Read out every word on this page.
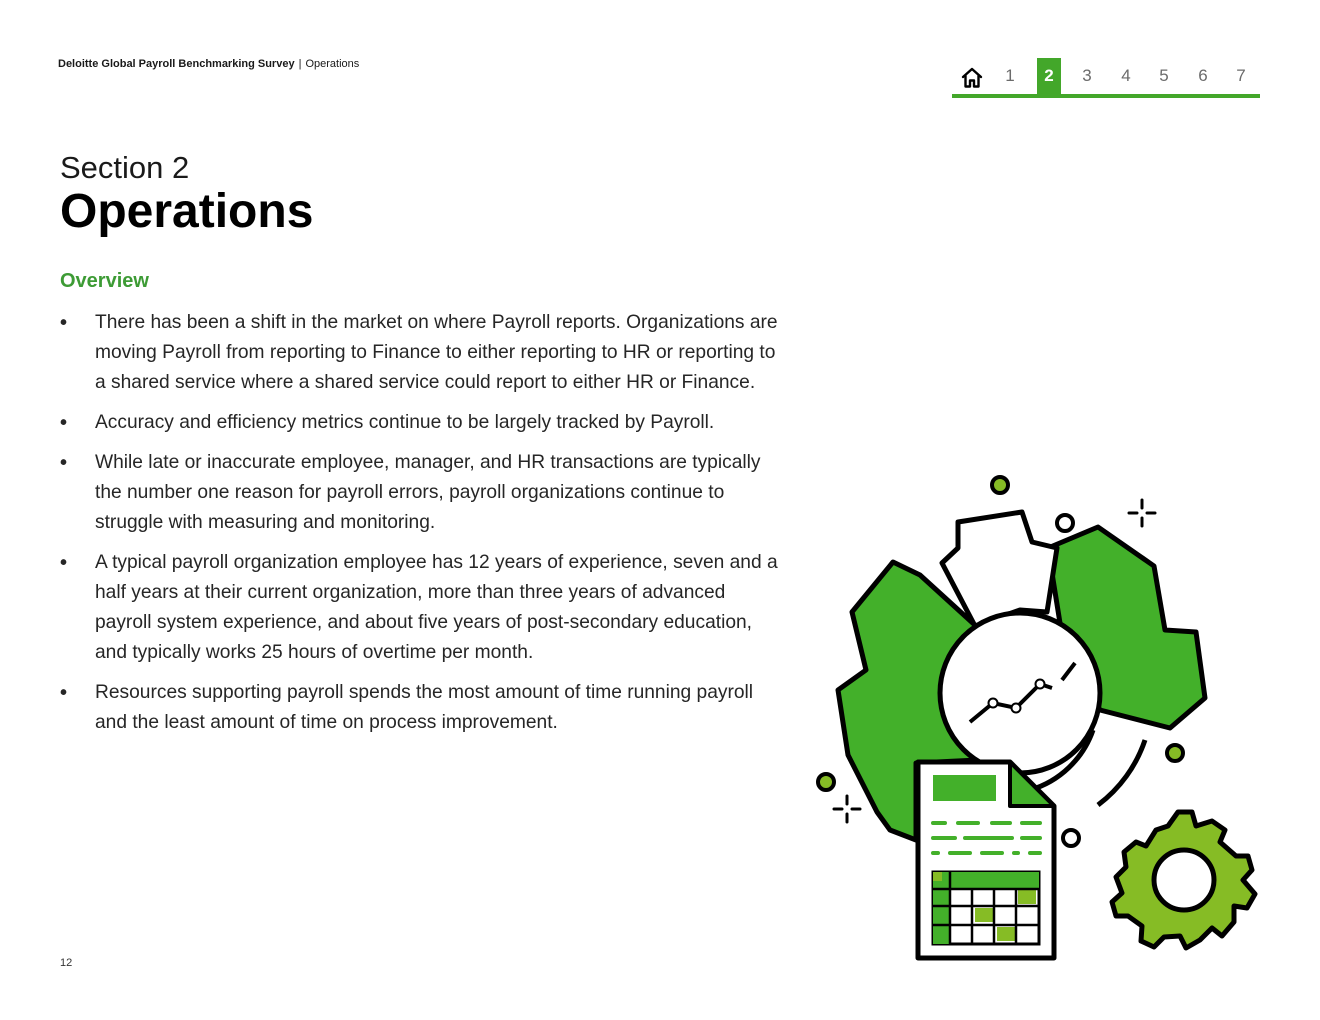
Deloitte Global Payroll Benchmarking Survey | Operations
1	2	3	4	5	6	7
Section 2
Operations
Overview
• There has been a shift in the market on where Payroll reports. Organizations are moving Payroll from reporting to Finance to either reporting to HR or reporting to a shared service where a shared service could report to either HR or Finance.
• Accuracy and efficiency metrics continue to be largely tracked by Payroll.
• While late or inaccurate employee, manager, and HR transactions are typically the number one reason for payroll errors, payroll organizations continue to struggle with measuring and monitoring.
• A typical payroll organization employee has 12 years of experience, seven and a half years at their current organization, more than three years of advanced payroll system experience, and about five years of post-secondary education, and typically works 25 hours of overtime per month.
• Resources supporting payroll spends the most amount of time running payroll and the least amount of time on process improvement.
12
